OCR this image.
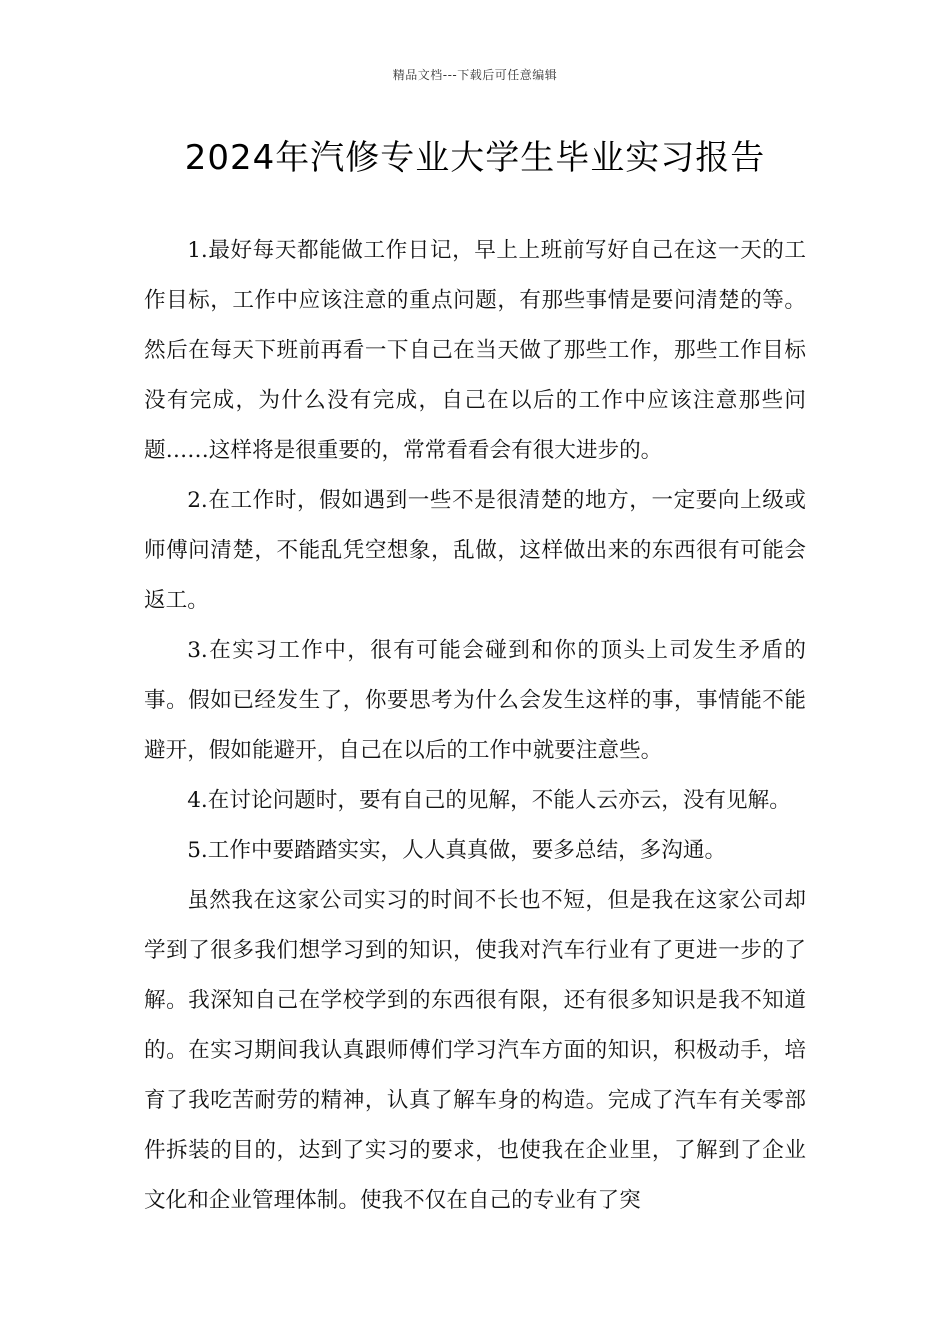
精品文档---下载后可任意编辑
2024年汽修专业大学生毕业实习报告

1.最好每天都能做工作日记，早上上班前写好自己在这一天的工作目标，工作中应该注意的重点问题，有那些事情是要问清楚的等。然后在每天下班前再看一下自己在当天做了那些工作，那些工作目标没有完成，为什么没有完成，自己在以后的工作中应该注意那些问题……这样将是很重要的，常常看看会有很大进步的。

2.在工作时，假如遇到一些不是很清楚的地方，一定要向上级或师傅问清楚，不能乱凭空想象，乱做，这样做出来的东西很有可能会返工。

3.在实习工作中，很有可能会碰到和你的顶头上司发生矛盾的事。假如已经发生了，你要思考为什么会发生这样的事，事情能不能避开，假如能避开，自己在以后的工作中就要注意些。

4.在讨论问题时，要有自己的见解，不能人云亦云，没有见解。

5.工作中要踏踏实实，人人真真做，要多总结，多沟通。

虽然我在这家公司实习的时间不长也不短，但是我在这家公司却学到了很多我们想学习到的知识，使我对汽车行业有了更进一步的了解。我深知自己在学校学到的东西很有限，还有很多知识是我不知道的。在实习期间我认真跟师傅们学习汽车方面的知识，积极动手，培育了我吃苦耐劳的精神，认真了解车身的构造。完成了汽车有关零部件拆装的目的，达到了实习的要求，也使我在企业里，了解到了企业文化和企业管理体制。使我不仅在自己的专业有了突
